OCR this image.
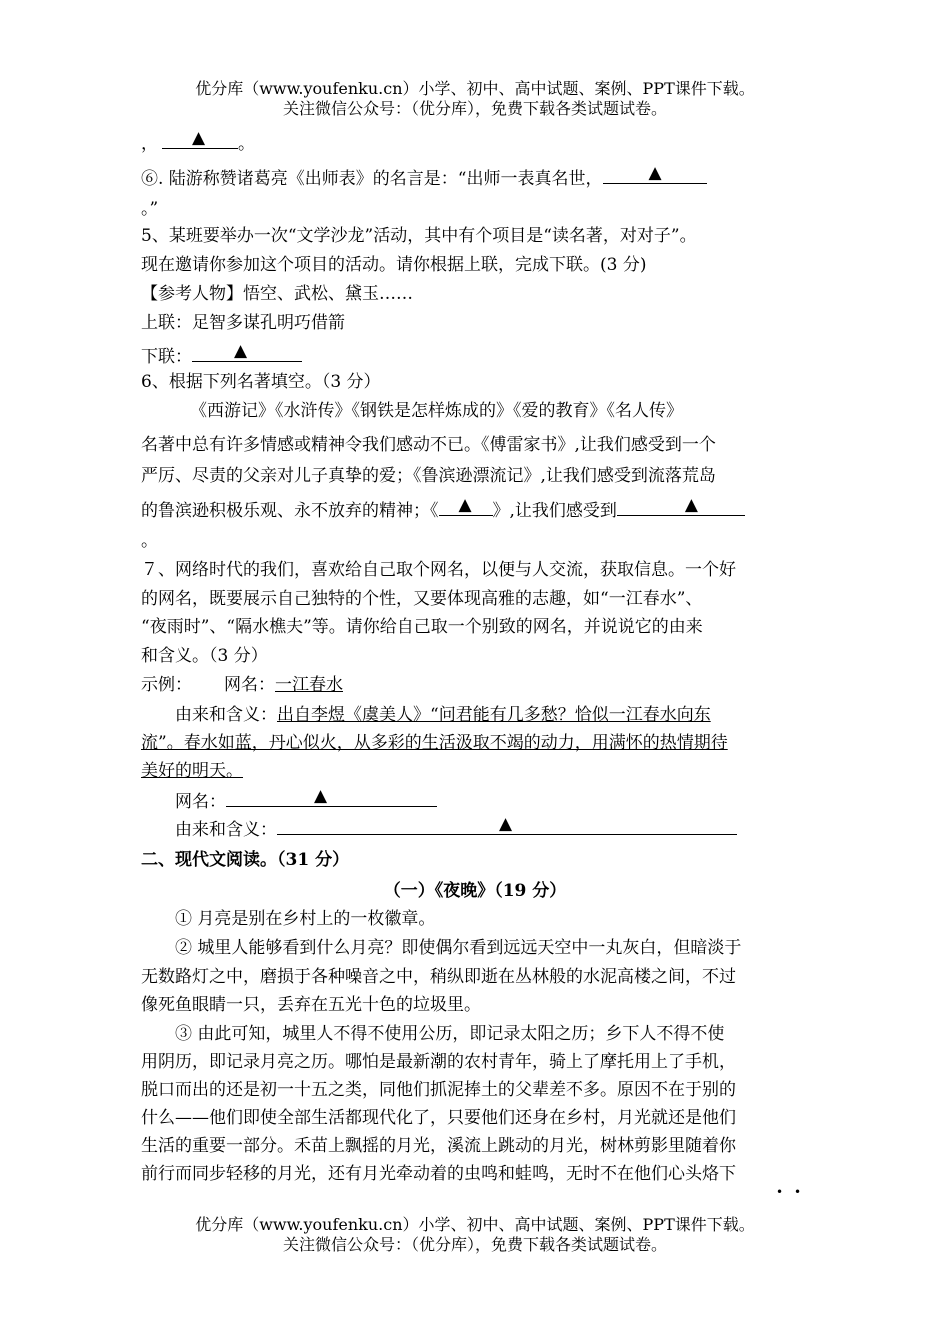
优分库（www.youfenku.cn）小学、初中、高中试题、案例、PPT课件下载。
关注微信公众号：（优分库），免费下载各类试题试卷。
， ▲ 。
⑥. 陆游称赞诸葛亮《出师表》的名言是：“出师一表真名世，	▲
。”
5、某班要举办一次“文学沙龙”活动，其中有个项目是“读名著，对对子”。
现在邀请你参加这个项目的活动。请你根据上联，完成下联。(3 分)
【参考人物】悟空、武松、黛玉……
上联：足智多谋孔明巧借箭
下联： ▲
6、根据下列名著填空。（3 分）
《西游记》《水浒传》《钢铁是怎样炼成的》《爱的教育》《名人传》
名著中总有许多情感或精神令我们感动不已。《傅雷家书》,让我们感受到一个
严厉、尽责的父亲对儿子真挚的爱；《鲁滨逊漂流记》,让我们感受到流落荒岛
的鲁滨逊积极乐观、永不放弃的精神；《 ▲ 》,让我们感受到	▲
。
７、网络时代的我们，喜欢给自己取个网名，以便与人交流，获取信息。一个好
的网名，既要展示自己独特的个性，又要体现高雅的志趣，如“一江春水”、
“夜雨时”、“隔水樵夫”等。请你给自己取一个别致的网名，并说说它的由来
和含义。（3 分）
示例： 网名：一江春水
由来和含义：出自李煜《虞美人》“问君能有几多愁？恰似一江春水向东
流”。春水如蓝，丹心似火，从多彩的生活汲取不竭的动力，用满怀的热情期待
美好的明天。
网名：	▲
由来和含义：	▲
二、现代文阅读。（31 分）
（一）《夜晚》（19 分）
① 月亮是别在乡村上的一枚徽章。
② 城里人能够看到什么月亮？即使偶尔看到远远天空中一丸灰白，但暗淡于
无数路灯之中，磨损于各种噪音之中，稍纵即逝在丛林般的水泥高楼之间，不过
像死鱼眼睛一只，丢弃在五光十色的垃圾里。
③ 由此可知，城里人不得不使用公历，即记录太阳之历；乡下人不得不使
用阴历，即记录月亮之历。哪怕是最新潮的农村青年，骑上了摩托用上了手机，
脱口而出的还是初一十五之类，同他们抓泥捧土的父辈差不多。原因不在于别的
什么——他们即使全部生活都现代化了，只要他们还身在乡村，月光就还是他们
生活的重要一部分。禾苗上飘摇的月光，溪流上跳动的月光，树林剪影里随着你
前行而同步轻移的月光，还有月光牵动着的虫鸣和蛙鸣，无时不在他们心头烙下
• •
优分库（www.youfenku.cn）小学、初中、高中试题、案例、PPT课件下载。
关注微信公众号：（优分库），免费下载各类试题试卷。
